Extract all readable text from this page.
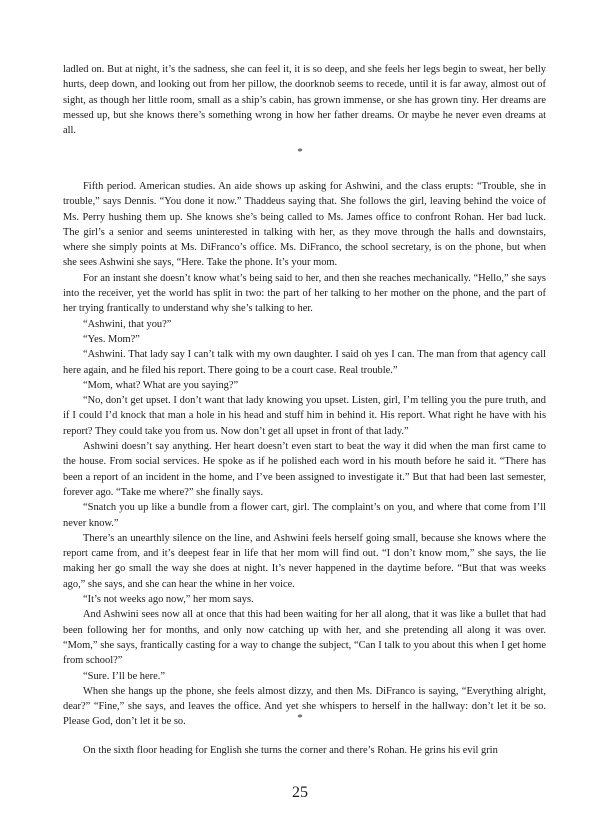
ladled on. But at night, it’s the sadness, she can feel it, it is so deep, and she feels her legs begin to sweat, her belly hurts, deep down, and looking out from her pillow, the doorknob seems to recede, until it is far away, almost out of sight, as though her little room, small as a ship’s cabin, has grown immense, or she has grown tiny. Her dreams are messed up, but she knows there’s something wrong in how her father dreams. Or maybe he never even dreams at all.

*

Fifth period. American studies. An aide shows up asking for Ashwini, and the class erupts: “Trouble, she in trouble,” says Dennis. “You done it now.” Thaddeus saying that. She follows the girl, leaving behind the voice of Ms. Perry hushing them up. She knows she’s being called to Ms. James office to confront Rohan. Her bad luck. The girl’s a senior and seems uninterested in talking with her, as they move through the halls and downstairs, where she simply points at Ms. DiFranco’s office. Ms. DiFranco, the school secretary, is on the phone, but when she sees Ashwini she says, “Here. Take the phone. It’s your mom.

For an instant she doesn’t know what’s being said to her, and then she reaches mechanically. “Hello,” she says into the receiver, yet the world has split in two: the part of her talking to her mother on the phone, and the part of her trying frantically to understand why she’s talking to her.

“Ashwini, that you?”

“Yes. Mom?”

“Ashwini. That lady say I can’t talk with my own daughter. I said oh yes I can. The man from that agency call here again, and he filed his report. There going to be a court case. Real trouble.”

“Mom, what? What are you saying?”

“No, don’t get upset. I don’t want that lady knowing you upset. Listen, girl, I’m telling you the pure truth, and if I could I’d knock that man a hole in his head and stuff him in behind it. His report. What right he have with his report? They could take you from us. Now don’t get all upset in front of that lady.”

Ashwini doesn’t say anything. Her heart doesn’t even start to beat the way it did when the man first came to the house. From social services. He spoke as if he polished each word in his mouth before he said it. “There has been a report of an incident in the home, and I’ve been assigned to investigate it.” But that had been last semester, forever ago. “Take me where?” she finally says.

“Snatch you up like a bundle from a flower cart, girl. The complaint’s on you, and where that come from I’ll never know.”

There’s an unearthly silence on the line, and Ashwini feels herself going small, because she knows where the report came from, and it’s deepest fear in life that her mom will find out. “I don’t know mom,” she says, the lie making her go small the way she does at night. It’s never happened in the daytime before. “But that was weeks ago,” she says, and she can hear the whine in her voice.

“It’s not weeks ago now,” her mom says.

And Ashwini sees now all at once that this had been waiting for her all along, that it was like a bullet that had been following her for months, and only now catching up with her, and she pretending all along it was over. “Mom,” she says, frantically casting for a way to change the subject, “Can I talk to you about this when I get home from school?”

“Sure. I’ll be here.”

When she hangs up the phone, she feels almost dizzy, and then Ms. DiFranco is saying, “Everything alright, dear?” “Fine,” she says, and leaves the office. And yet she whispers to herself in the hallway: don’t let it be so. Please God, don’t let it be so.	*

On the sixth floor heading for English she turns the corner and there’s Rohan. He grins his evil grin

25
